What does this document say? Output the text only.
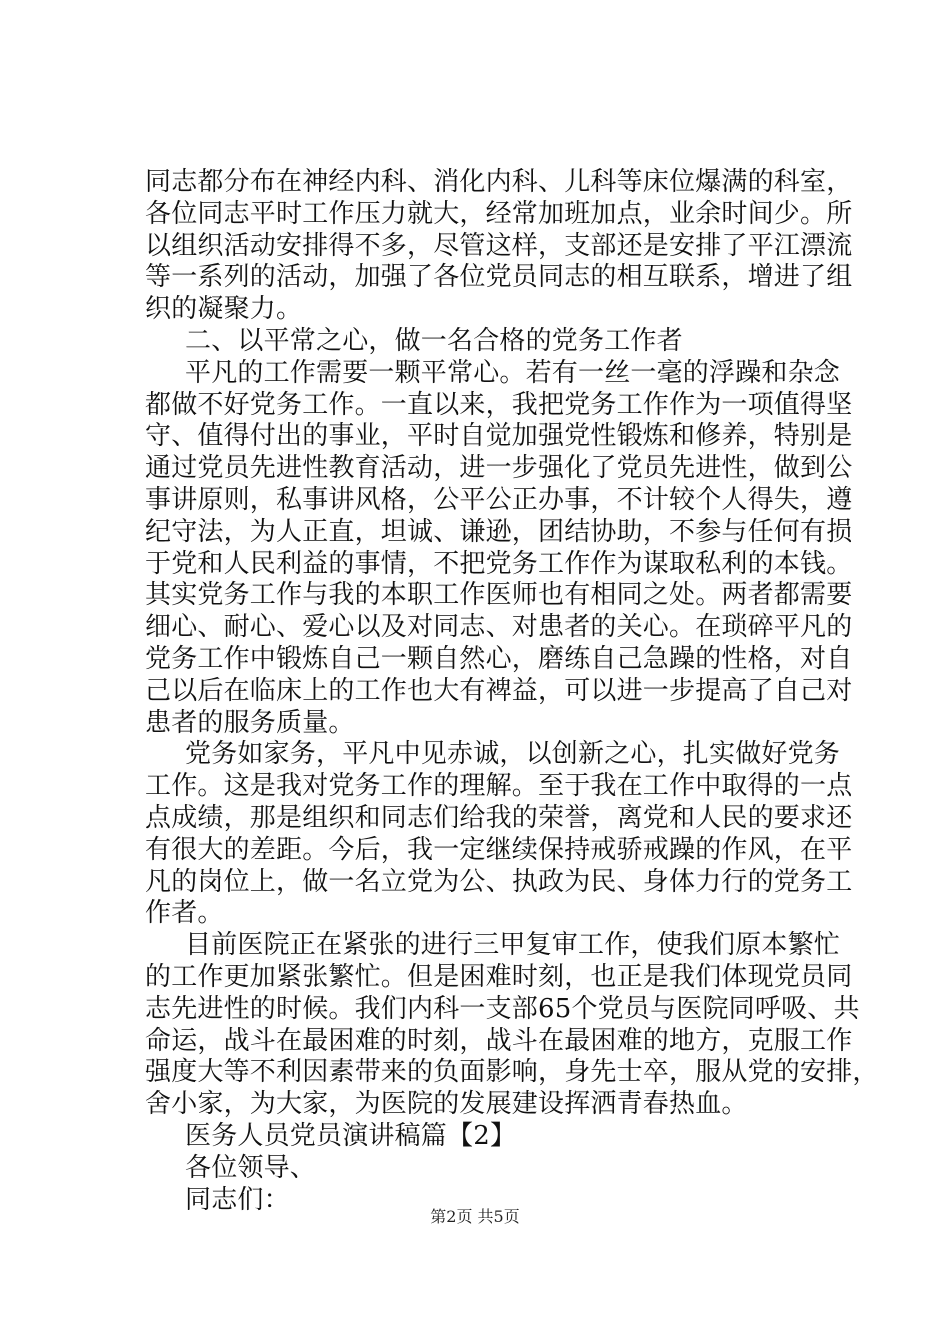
同志都分布在神经内科、消化内科、儿科等床位爆满的科室，
各位同志平时工作压力就大，经常加班加点，业余时间少。所
以组织活动安排得不多，尽管这样，支部还是安排了平江漂流
等一系列的活动，加强了各位党员同志的相互联系，增进了组
织的凝聚力。
二、以平常之心，做一名合格的党务工作者
平凡的工作需要一颗平常心。若有一丝一毫的浮躁和杂念
都做不好党务工作。一直以来，我把党务工作作为一项值得坚
守、值得付出的事业，平时自觉加强党性锻炼和修养，特别是
通过党员先进性教育活动，进一步强化了党员先进性，做到公
事讲原则，私事讲风格，公平公正办事，不计较个人得失，遵
纪守法，为人正直，坦诚、谦逊，团结协助，不参与任何有损
于党和人民利益的事情，不把党务工作作为谋取私利的本钱。
其实党务工作与我的本职工作医师也有相同之处。两者都需要
细心、耐心、爱心以及对同志、对患者的关心。在琐碎平凡的
党务工作中锻炼自己一颗自然心，磨练自己急躁的性格，对自
己以后在临床上的工作也大有裨益，可以进一步提高了自己对
患者的服务质量。
党务如家务，平凡中见赤诚，以创新之心，扎实做好党务
工作。这是我对党务工作的理解。至于我在工作中取得的一点
点成绩，那是组织和同志们给我的荣誉，离党和人民的要求还
有很大的差距。今后，我一定继续保持戒骄戒躁的作风，在平
凡的岗位上，做一名立党为公、执政为民、身体力行的党务工
作者。
目前医院正在紧张的进行三甲复审工作，使我们原本繁忙
的工作更加紧张繁忙。但是困难时刻，也正是我们体现党员同
志先进性的时候。我们内科一支部65个党员与医院同呼吸、共
命运，战斗在最困难的时刻，战斗在最困难的地方，克服工作
强度大等不利因素带来的负面影响，身先士卒，服从党的安排，
舍小家，为大家，为医院的发展建设挥洒青春热血。
医务人员党员演讲稿篇【2】
各位领导、
同志们：
第2页 共5页
